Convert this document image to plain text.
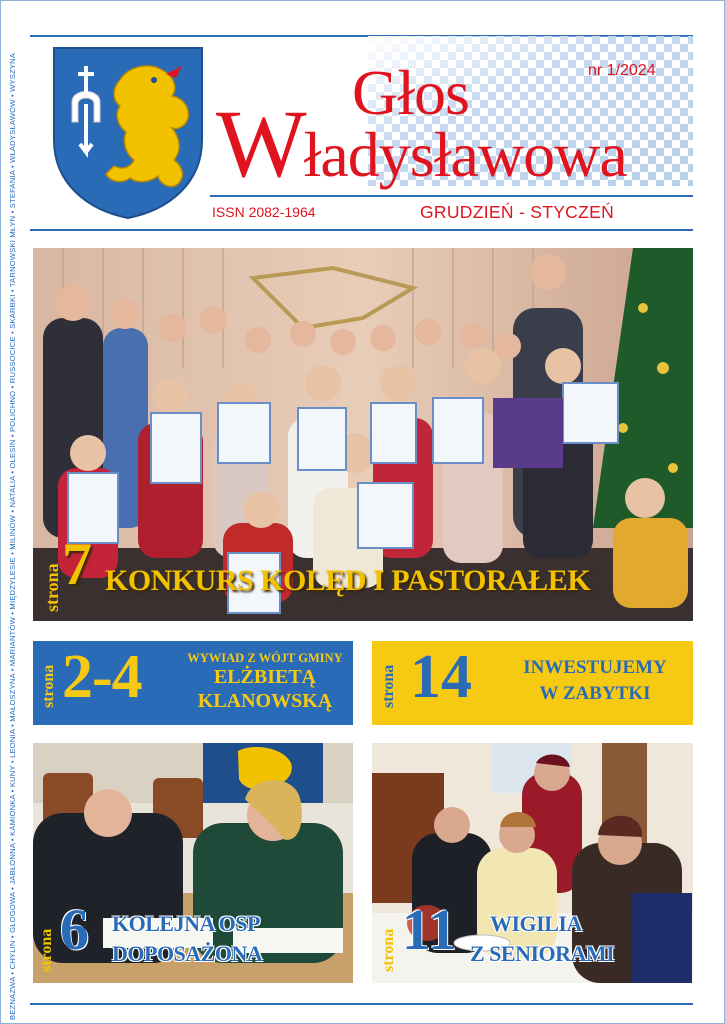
BEZNAZWA • CHYLIN • GŁOGOWA • JABŁONNA • KAMIONKA • KUNY • LEONIA • MAŁOSZYNA • MARIANTÓW • MIĘDZYLESIE • MILINÓW • NATALIA • OLESIN • POLICHNO • RUSSOCICE • SKARBKI • TARNOWSKI MŁYN • STEFANIA • WŁADYSŁAWÓW • WYSZYNA	Głos
Władysławowa
nr 1/2024
ISSN 2082-1964	GRUDZIEŃ - STYCZEŃ
strona 7 KONKURS KOLĘD I PASTORAŁEK
strona 2-4	WYWIAD Z WÓJT GMINY
ELŻBIETĄ
KLANOWSKĄ	strona 14	INWESTUJEMY
W ZABYTKI
strona 6 KOLEJNA OSP
DOPOSAŻONA	strona 11 WIGILIA
Z SENIORAMI
